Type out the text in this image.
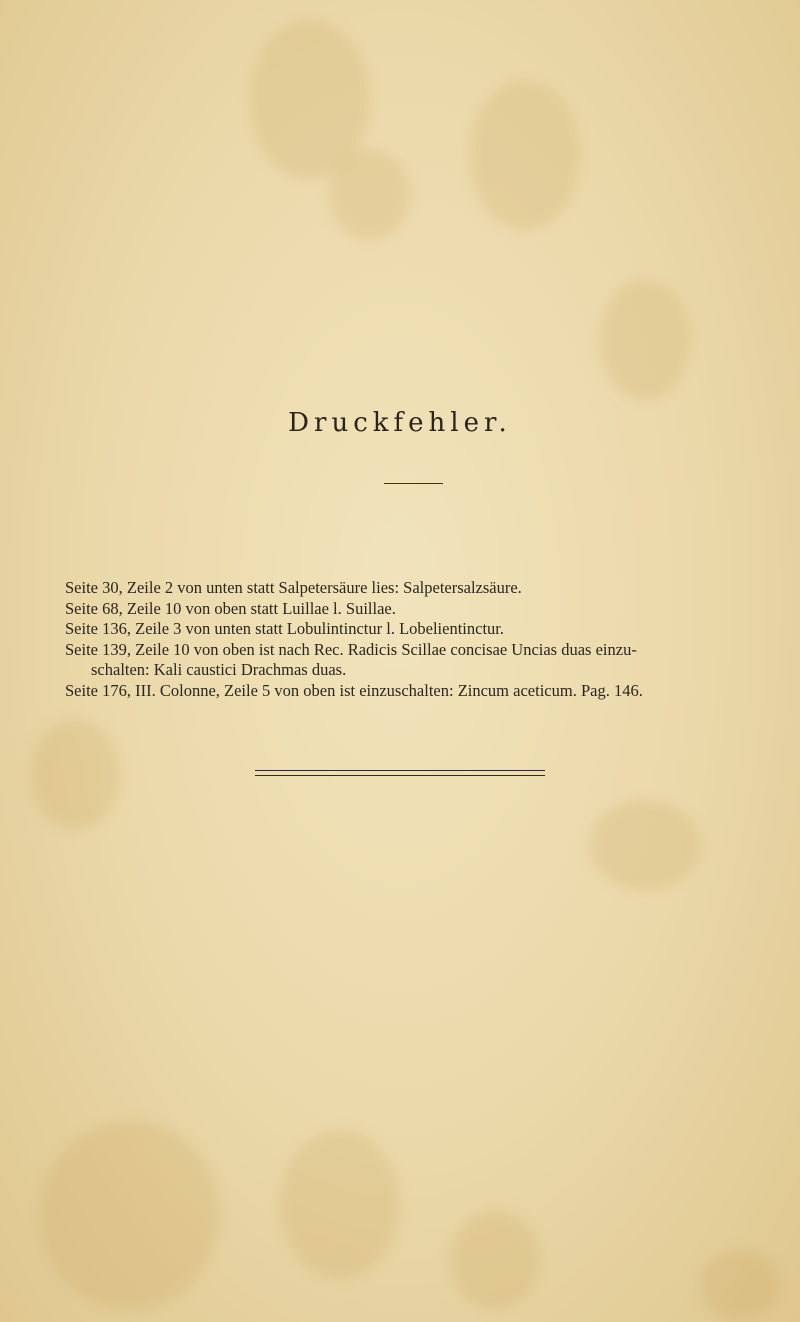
Druckfehler.
Seite 30, Zeile 2 von unten statt Salpetersäure lies: Salpetersalzsäure.
Seite 68, Zeile 10 von oben statt Luillae l. Suillae.
Seite 136, Zeile 3 von unten statt Lobulintinctur l. Lobelientinctur.
Seite 139, Zeile 10 von oben ist nach Rec. Radicis Scillae concisae Uncias duas einzu-
schalten: Kali caustici Drachmas duas.
Seite 176, III. Colonne, Zeile 5 von oben ist einzuschalten: Zincum aceticum. Pag. 146.
